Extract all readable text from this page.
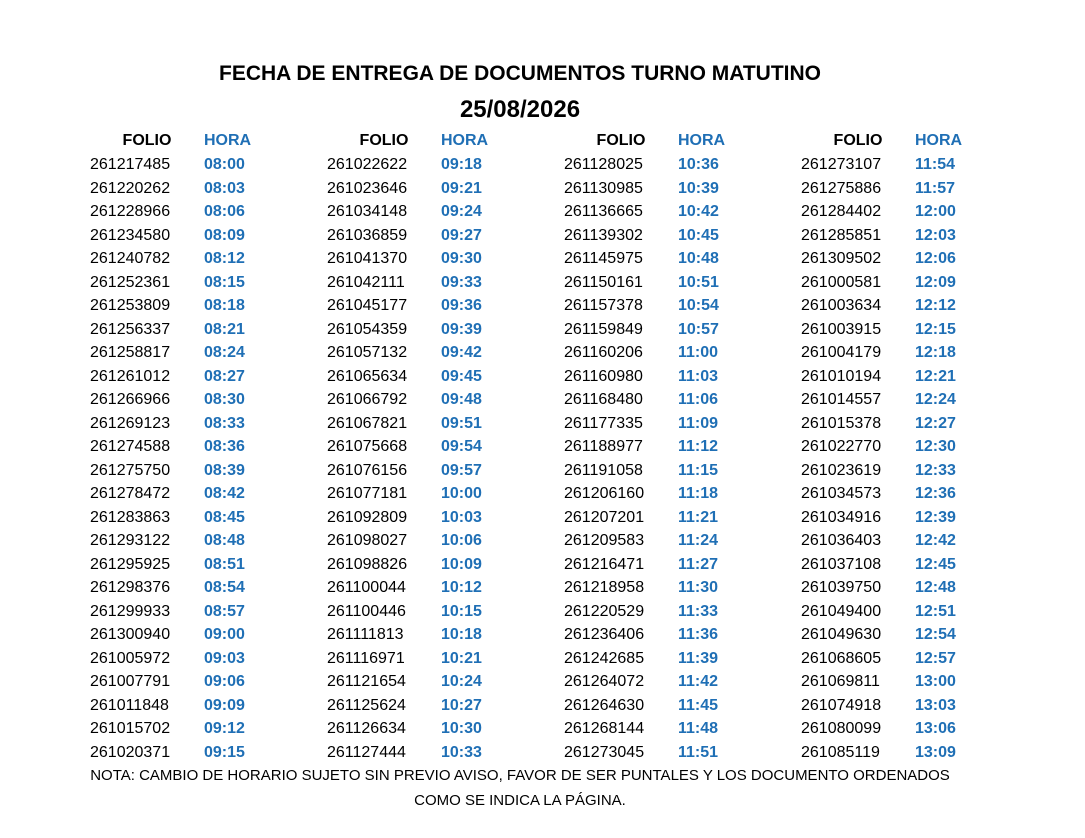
FECHA DE ENTREGA DE DOCUMENTOS TURNO MATUTINO
25/08/2026
FOLIO HORA
261217485 08:00
261220262 08:03
261228966 08:06
261234580 08:09
261240782 08:12
261252361 08:15
261253809 08:18
261256337 08:21
261258817 08:24
261261012 08:27
261266966 08:30
261269123 08:33
261274588 08:36
261275750 08:39
261278472 08:42
261283863 08:45
261293122 08:48
261295925 08:51
261298376 08:54
261299933 08:57
261300940 09:00
261005972 09:03
261007791 09:06
261011848 09:09
261015702 09:12
261020371 09:15
FOLIO HORA
261022622 09:18
261023646 09:21
261034148 09:24
261036859 09:27
261041370 09:30
261042111 09:33
261045177 09:36
261054359 09:39
261057132 09:42
261065634 09:45
261066792 09:48
261067821 09:51
261075668 09:54
261076156 09:57
261077181 10:00
261092809 10:03
261098027 10:06
261098826 10:09
261100044 10:12
261100446 10:15
261111813 10:18
261116971 10:21
261121654 10:24
261125624 10:27
261126634 10:30
261127444 10:33
FOLIO HORA
261128025 10:36
261130985 10:39
261136665 10:42
261139302 10:45
261145975 10:48
261150161 10:51
261157378 10:54
261159849 10:57
261160206 11:00
261160980 11:03
261168480 11:06
261177335 11:09
261188977 11:12
261191058 11:15
261206160 11:18
261207201 11:21
261209583 11:24
261216471 11:27
261218958 11:30
261220529 11:33
261236406 11:36
261242685 11:39
261264072 11:42
261264630 11:45
261268144 11:48
261273045 11:51
FOLIO HORA
261273107 11:54
261275886 11:57
261284402 12:00
261285851 12:03
261309502 12:06
261000581 12:09
261003634 12:12
261003915 12:15
261004179 12:18
261010194 12:21
261014557 12:24
261015378 12:27
261022770 12:30
261023619 12:33
261034573 12:36
261034916 12:39
261036403 12:42
261037108 12:45
261039750 12:48
261049400 12:51
261049630 12:54
261068605 12:57
261069811 13:00
261074918 13:03
261080099 13:06
261085119 13:09
NOTA: CAMBIO DE HORARIO SUJETO SIN PREVIO AVISO, FAVOR DE SER PUNTALES Y LOS DOCUMENTO ORDENADOS
COMO SE INDICA LA PÁGINA.
